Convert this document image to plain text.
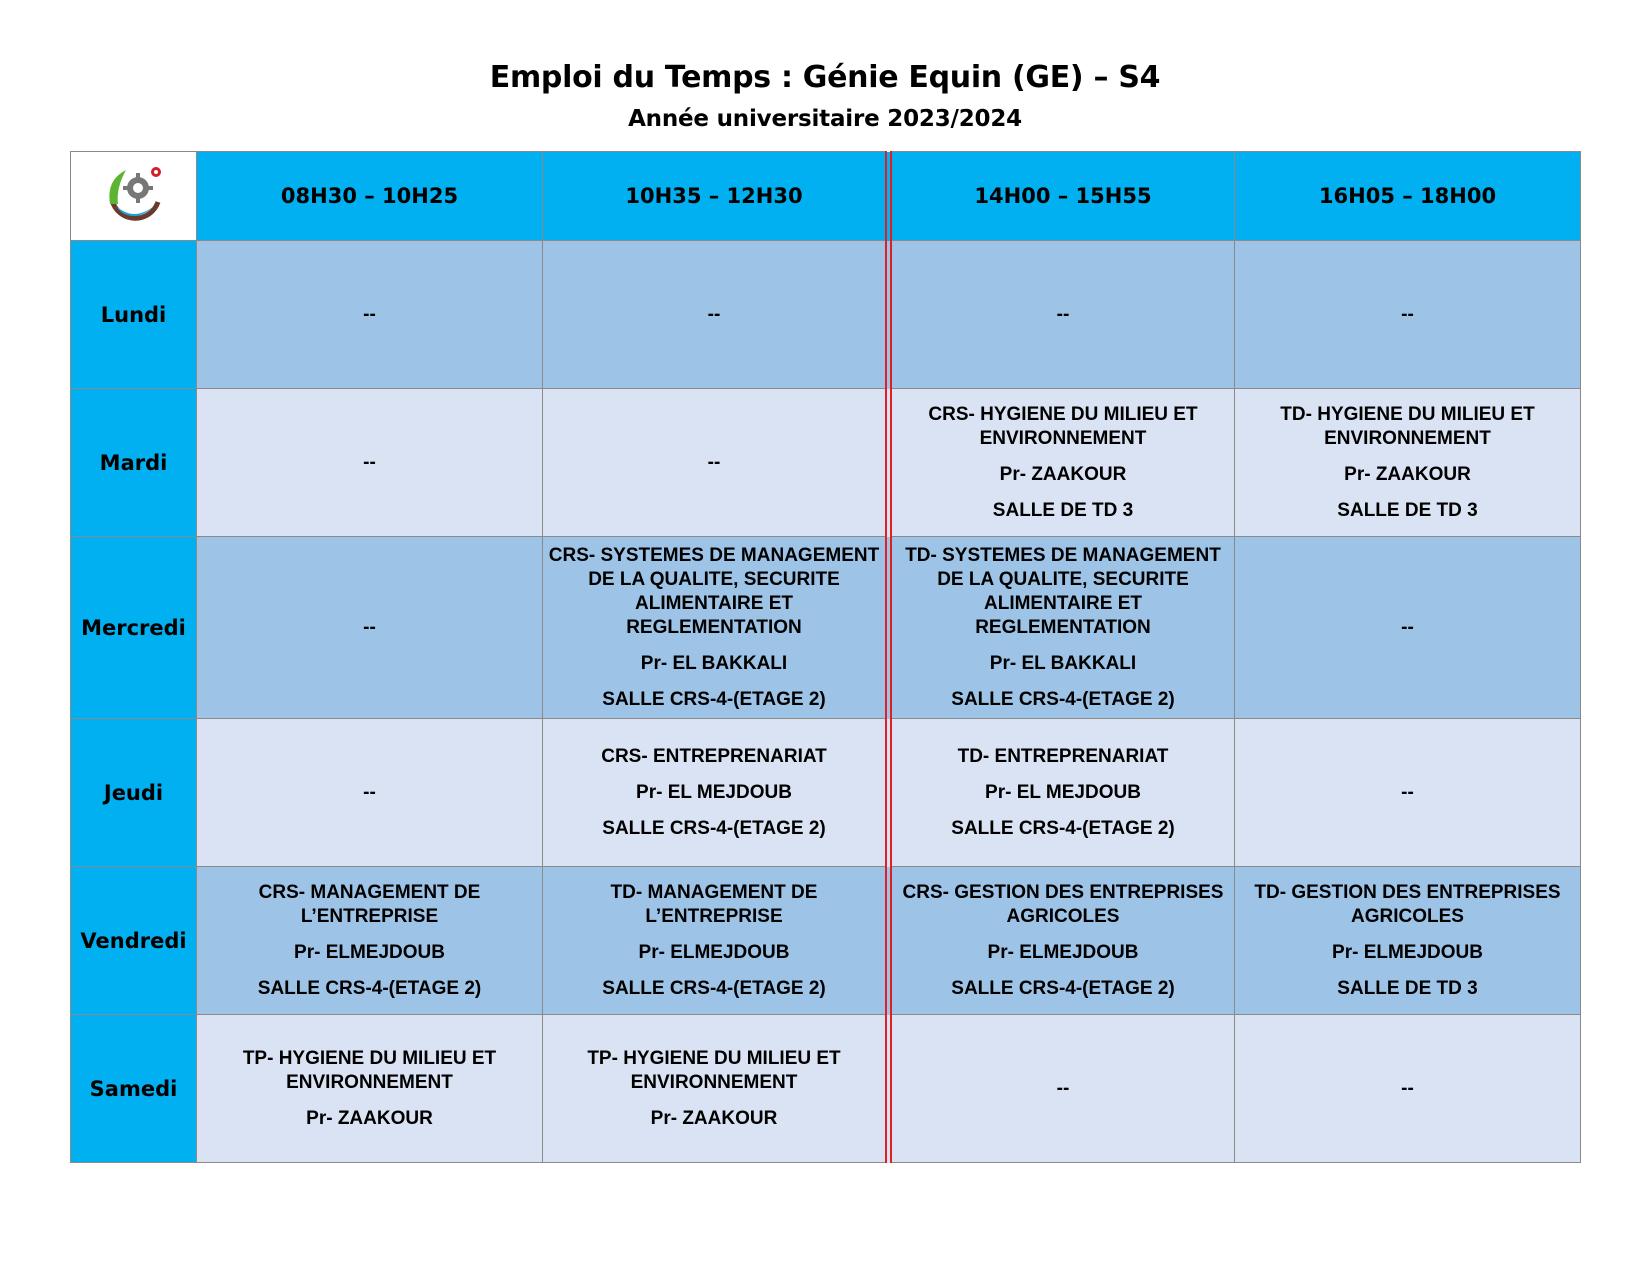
Emploi du Temps : Génie Equin (GE) – S4
Année universitaire 2023/2024
	08H30 – 10H25	10H35 – 12H30	14H00 – 15H55	16H05 – 18H00
Lundi	--	--	--	--

Mardi	--	--	CRS- HYGIENE DU MILIEU ET ENVIRONNEMENT
Pr- ZAAKOUR
SALLE DE TD 3	TD- HYGIENE DU MILIEU ET ENVIRONNEMENT
Pr- ZAAKOUR
SALLE DE TD 3

Mercredi	--	CRS- SYSTEMES DE MANAGEMENT DE LA QUALITE, SECURITE ALIMENTAIRE ET REGLEMENTATION
Pr- EL BAKKALI
SALLE CRS-4-(ETAGE 2)	TD- SYSTEMES DE MANAGEMENT DE LA QUALITE, SECURITE ALIMENTAIRE ET REGLEMENTATION
Pr- EL BAKKALI
SALLE CRS-4-(ETAGE 2)	--

Jeudi	--	CRS- ENTREPRENARIAT
Pr- EL MEJDOUB
SALLE CRS-4-(ETAGE 2)	TD- ENTREPRENARIAT
Pr- EL MEJDOUB
SALLE CRS-4-(ETAGE 2)	--

Vendredi	CRS- MANAGEMENT DE L’ENTREPRISE
Pr- ELMEJDOUB
SALLE CRS-4-(ETAGE 2)	TD- MANAGEMENT DE L’ENTREPRISE
Pr- ELMEJDOUB
SALLE CRS-4-(ETAGE 2)	CRS- GESTION DES ENTREPRISES AGRICOLES
Pr- ELMEJDOUB
SALLE CRS-4-(ETAGE 2)	TD- GESTION DES ENTREPRISES AGRICOLES
Pr- ELMEJDOUB
SALLE DE TD 3

Samedi	TP- HYGIENE DU MILIEU ET ENVIRONNEMENT
Pr- ZAAKOUR	TP- HYGIENE DU MILIEU ET ENVIRONNEMENT
Pr- ZAAKOUR	--	--
